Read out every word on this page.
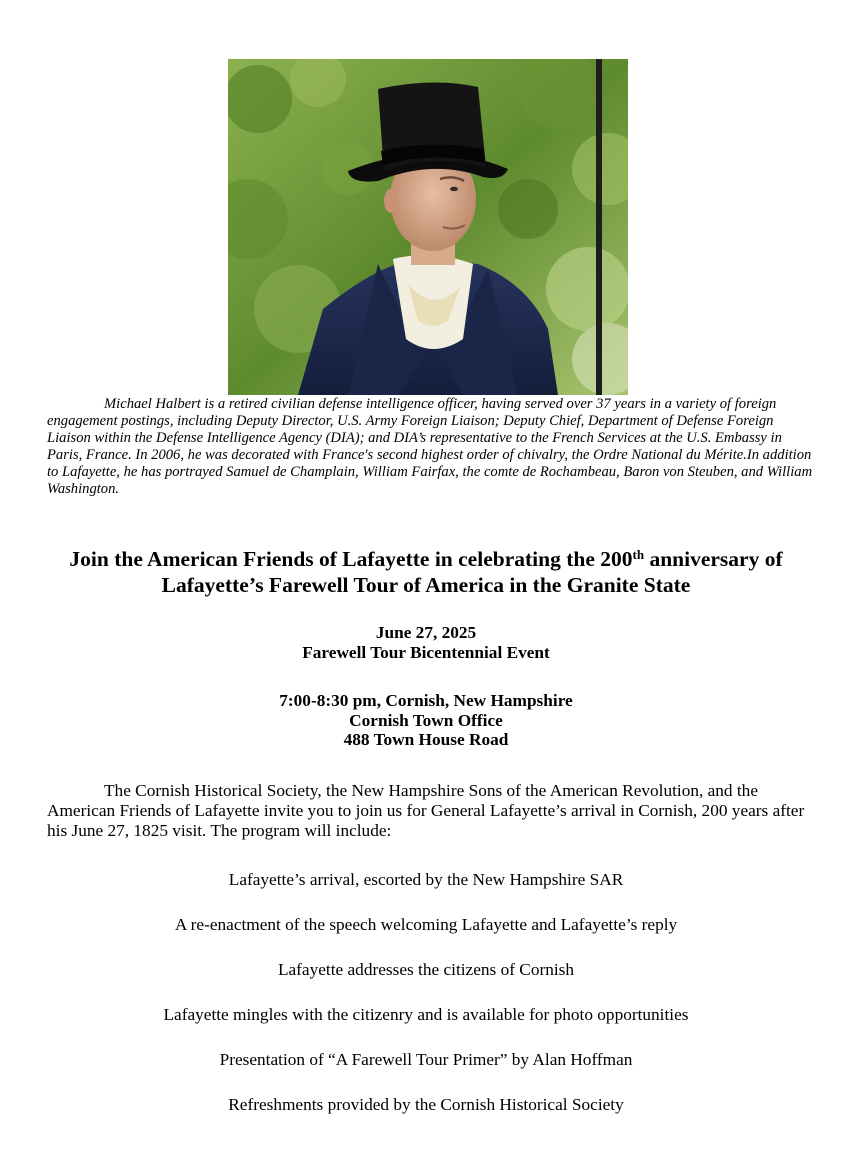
Michael Halbert is a retired civilian defense intelligence officer, having served over 37 years in a variety of foreign engagement postings, including Deputy Director, U.S. Army Foreign Liaison; Deputy Chief, Department of Defense Foreign Liaison within the Defense Intelligence Agency (DIA); and DIA’s representative to the French Services at the U.S. Embassy in Paris, France. In 2006, he was decorated with France's second highest order of chivalry, the Ordre National du Mérite.In addition to Lafayette, he has portrayed Samuel de Champlain, William Fairfax, the comte de Rochambeau, Baron von Steuben, and William Washington.

Join the American Friends of Lafayette in celebrating the 200th anniversary of
Lafayette’s Farewell Tour of America in the Granite State
June 27, 2025
Farewell Tour Bicentennial Event
7:00-8:30 pm, Cornish, New Hampshire
Cornish Town Office
488 Town House Road

The Cornish Historical Society, the New Hampshire Sons of the American Revolution, and the American Friends of Lafayette invite you to join us for General Lafayette’s arrival in Cornish, 200 years after his June 27, 1825 visit. The program will include:

Lafayette’s arrival, escorted by the New Hampshire SAR

A re-enactment of the speech welcoming Lafayette and Lafayette’s reply

Lafayette addresses the citizens of Cornish

Lafayette mingles with the citizenry and is available for photo opportunities

Presentation of “A Farewell Tour Primer” by Alan Hoffman

Refreshments provided by the Cornish Historical Society
